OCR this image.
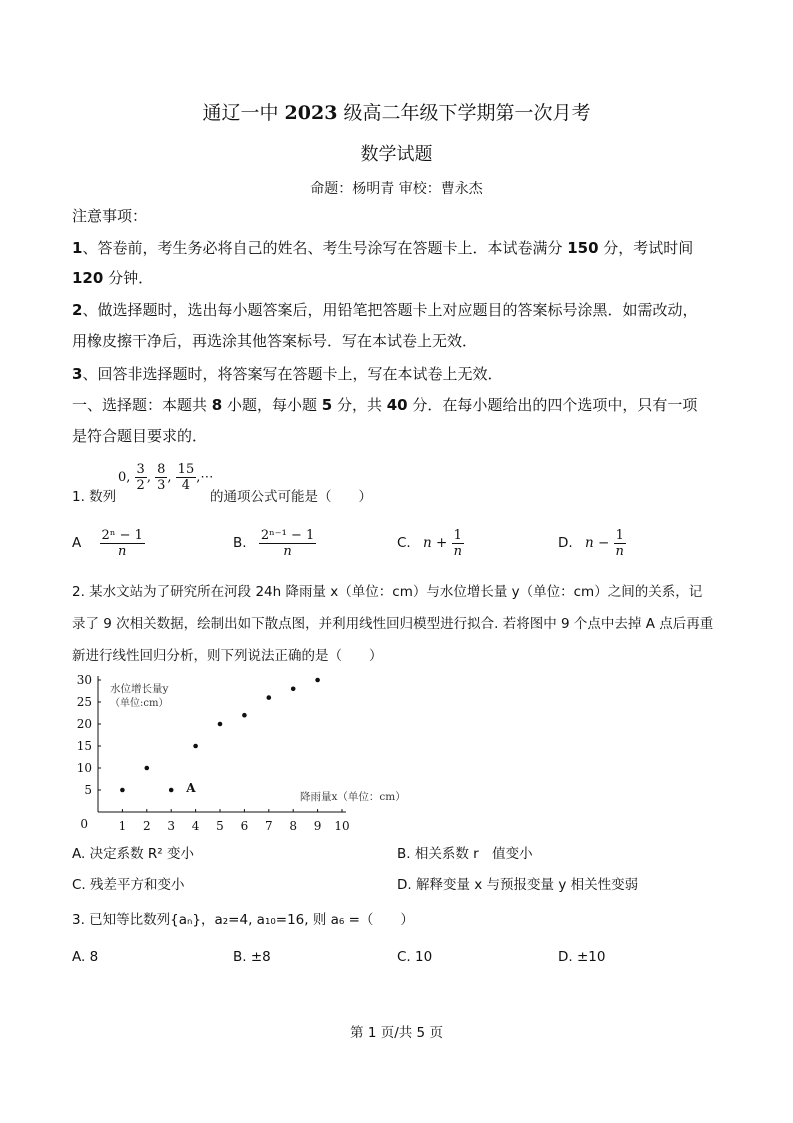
通辽一中 2023 级高二年级下学期第一次月考
数学试题
命题：杨明青 审校：曹永杰
注意事项：
1、答卷前，考生务必将自己的姓名、考生号涂写在答题卡上．本试卷满分 150 分，考试时间
120 分钟．
2、做选择题时，选出每小题答案后，用铅笔把答题卡上对应题目的答案标号涂黑．如需改动，
用橡皮擦干净后，再选涂其他答案标号．写在本试卷上无效．
3、回答非选择题时，将答案写在答题卡上，写在本试卷上无效．
一、选择题：本题共 8 小题，每小题 5 分，共 40 分．在每小题给出的四个选项中，只有一项
是符合题目要求的．
1. 数列
0, $\frac{3}{2}$ , $\frac{8}{3}$ , $\frac{15}{4}$ ,⋯
的通项公式可能是（　　）
A $\frac{\text{2ⁿ − 1}}{n}$	B. $\frac{\text{2ⁿ⁻¹ − 1}}{n}$	C. $n + \frac{1}{n}$	D. $n - \frac{1}{n}$
2. 某水文站为了研究所在河段 24h 降雨量 x（单位：cm）与水位增长量 y（单位：cm）之间的关系，记
录了 9 次相关数据，绘制出如下散点图，并利用线性回归模型进行拟合. 若将图中 9 个点中去掉 A 点后再重
新进行线性回归分析，则下列说法正确的是（　　）
1 2 3 4 5 6 7 8 9 10
5
10
15
20
25
30
0
水位增长量y
（单位:cm）
降雨量x（单位：cm）
A
A. 决定系数 R² 变小	B. 相关系数 r　值变小
C. 残差平方和变小	D. 解释变量 x 与预报变量 y 相关性变弱
3. 已知等比数列{aₙ}，a₂=4, a₁₀=16, 则 a₆ =（　　）
A. 8	B. ±8	C. 10	D. ±10
第 1 页/共 5 页
